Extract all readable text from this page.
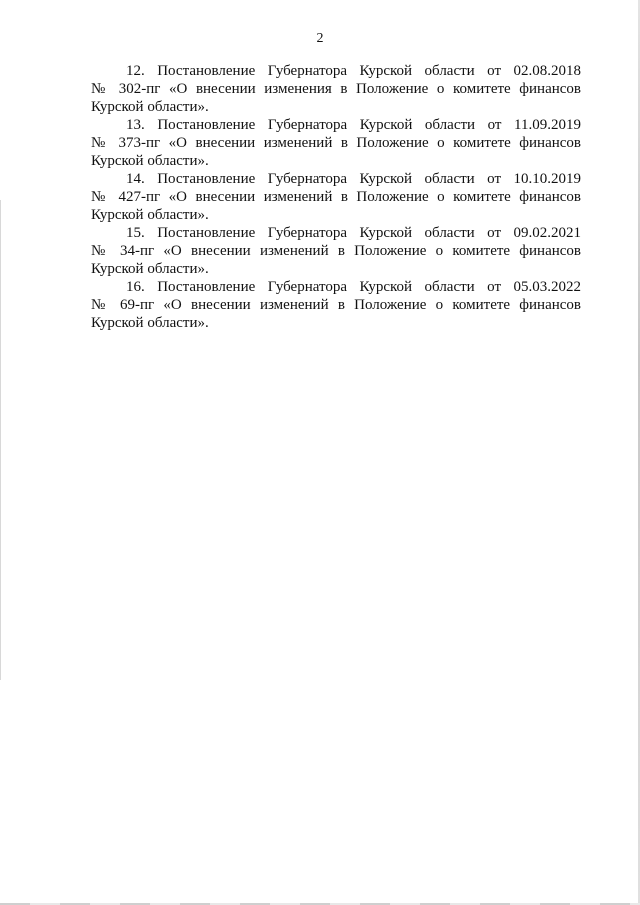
2

12. Постановление Губернатора Курской области от 02.08.2018
№ 302-пг «О внесении изменения в Положение о комитете финансов
Курской области».

13. Постановление Губернатора Курской области от 11.09.2019
№ 373-пг «О внесении изменений в Положение о комитете финансов
Курской области».

14. Постановление Губернатора Курской области от 10.10.2019
№ 427-пг «О внесении изменений в Положение о комитете финансов
Курской области».

15. Постановление Губернатора Курской области от 09.02.2021
№ 34-пг «О внесении изменений в Положение о комитете финансов
Курской области».

16. Постановление Губернатора Курской области от 05.03.2022
№ 69-пг «О внесении изменений в Положение о комитете финансов
Курской области».
